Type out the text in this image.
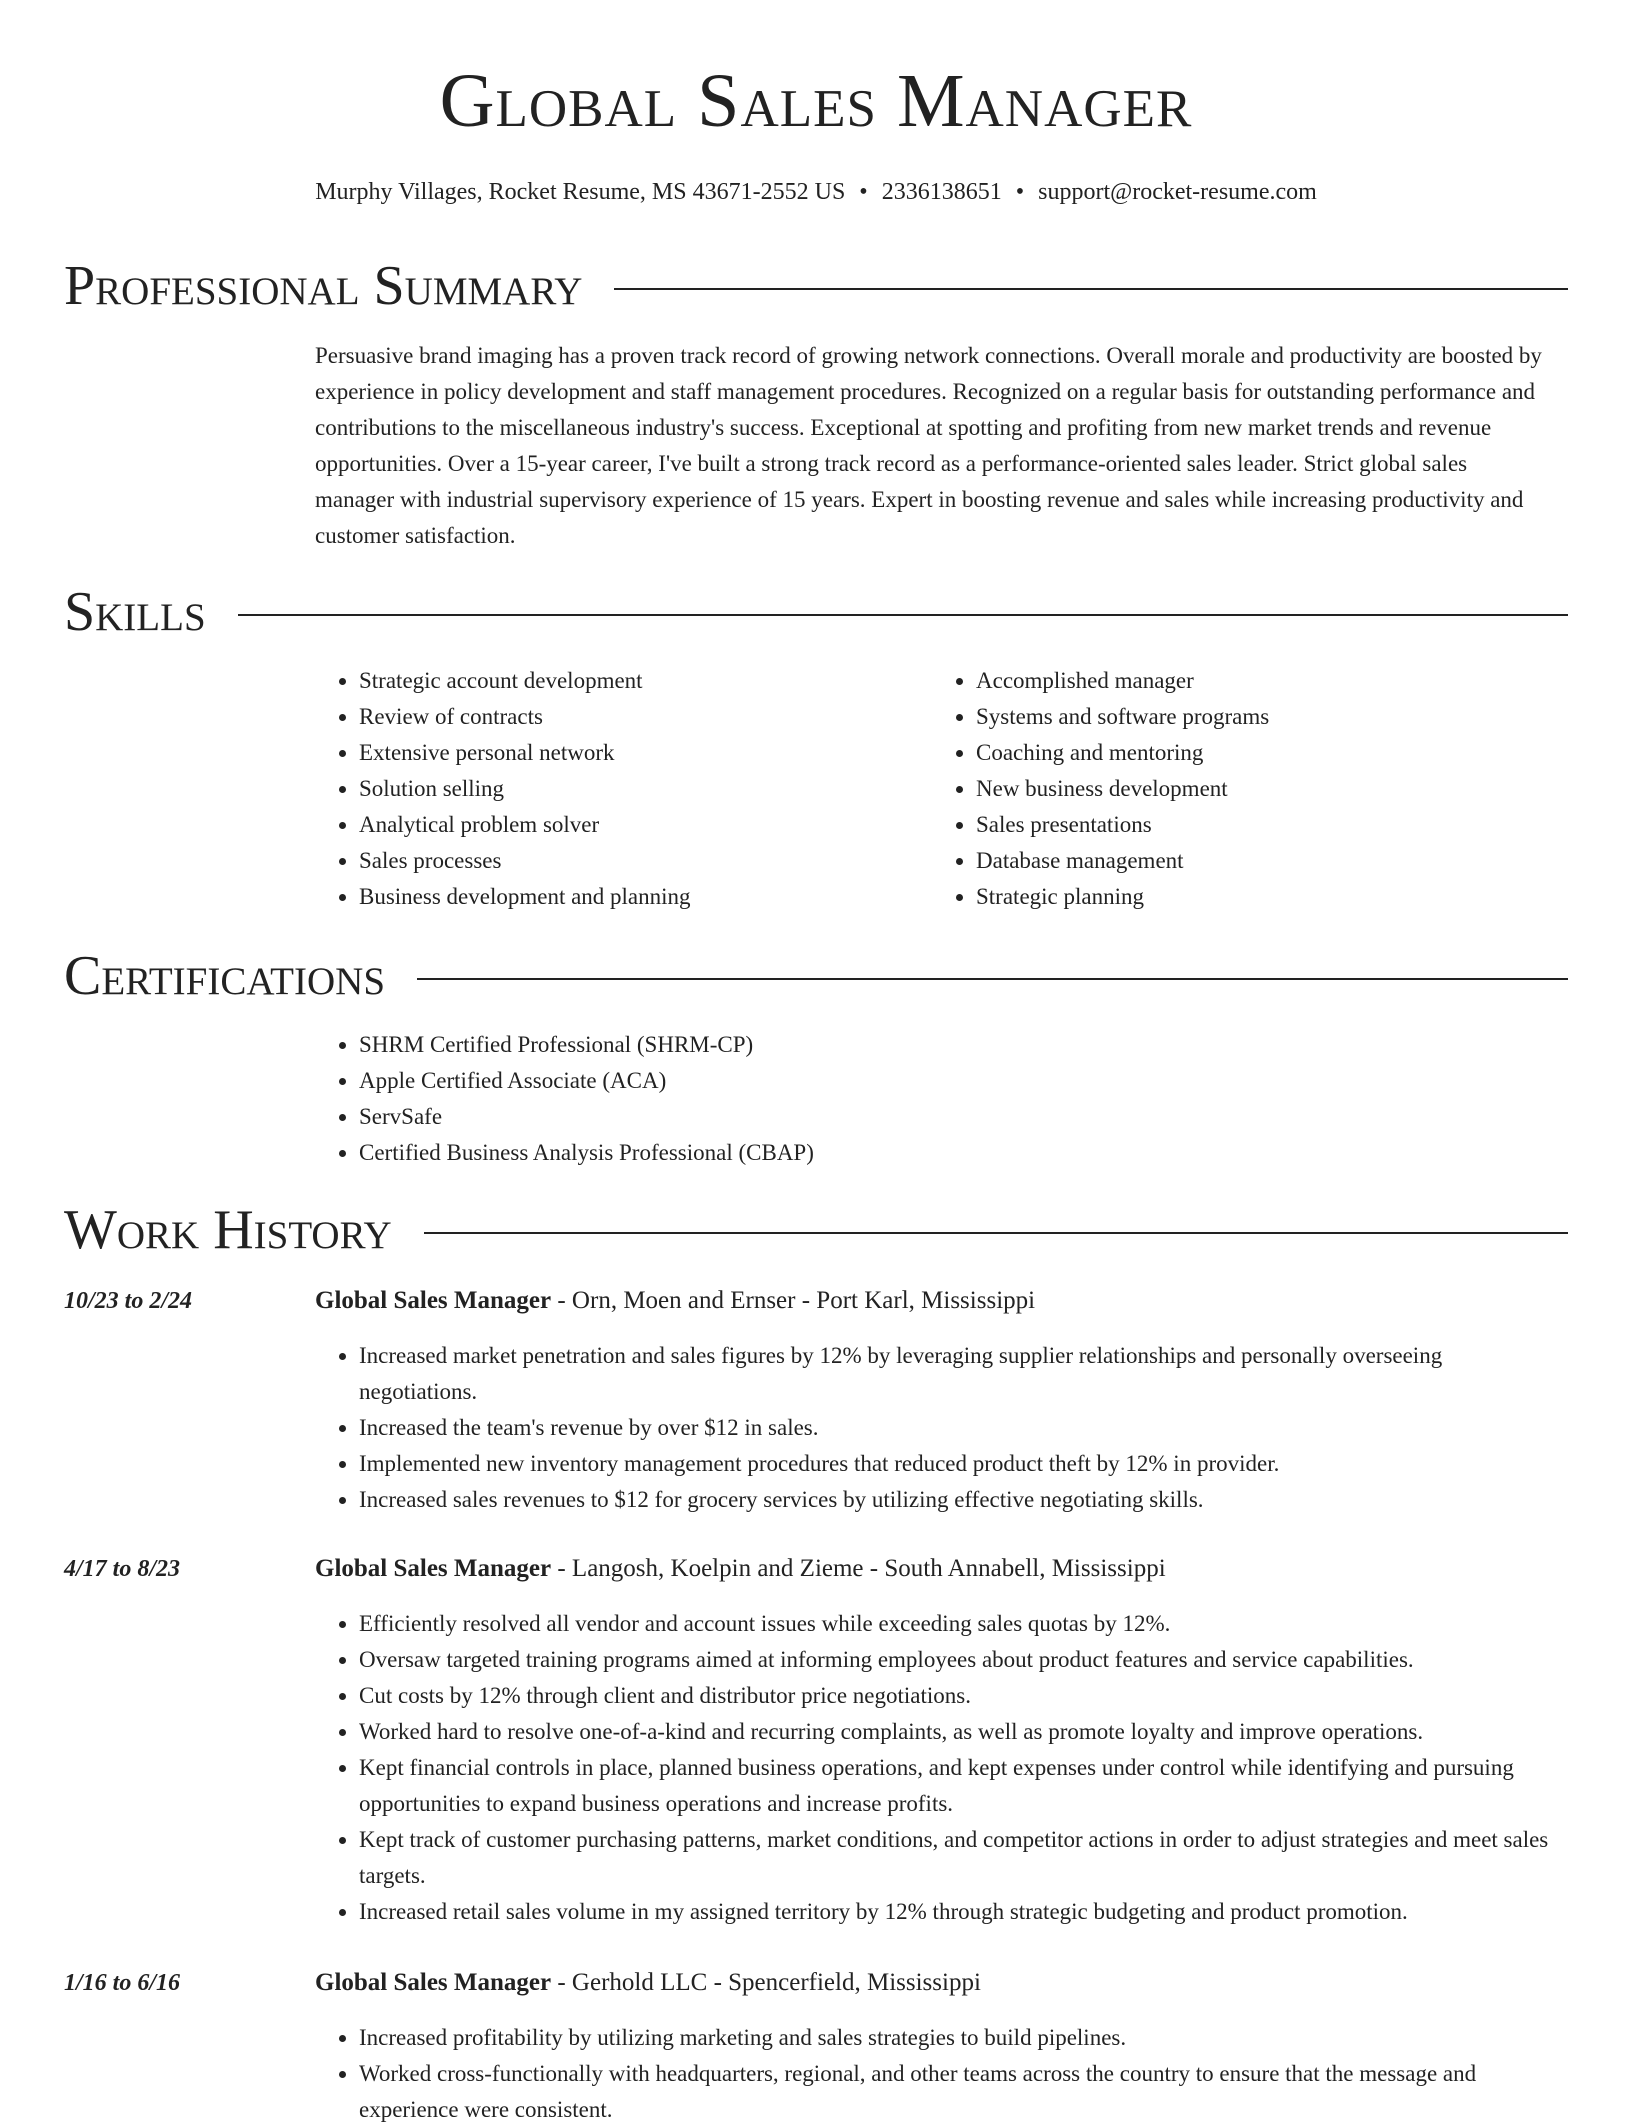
Global Sales Manager

Murphy Villages, Rocket Resume, MS 43671-2552 US • 2336138651 • support@rocket-resume.com

Professional Summary

Persuasive brand imaging has a proven track record of growing network connections. Overall morale and productivity are boosted by experience in policy development and staff management procedures. Recognized on a regular basis for outstanding performance and contributions to the miscellaneous industry's success. Exceptional at spotting and profiting from new market trends and revenue opportunities. Over a 15-year career, I've built a strong track record as a performance-oriented sales leader. Strict global sales manager with industrial supervisory experience of 15 years. Expert in boosting revenue and sales while increasing productivity and customer satisfaction.

Skills
• Strategic account development
• Review of contracts
• Extensive personal network
• Solution selling
• Analytical problem solver
• Sales processes
• Business development and planning
• Accomplished manager
• Systems and software programs
• Coaching and mentoring
• New business development
• Sales presentations
• Database management
• Strategic planning
Certifications
• SHRM Certified Professional (SHRM-CP)
• Apple Certified Associate (ACA)
• ServSafe
• Certified Business Analysis Professional (CBAP)
Work History
10/23 to 2/24	Global Sales Manager - Orn, Moen and Ernser - Port Karl, Mississippi
• Increased market penetration and sales figures by 12% by leveraging supplier relationships and personally overseeing negotiations.
• Increased the team's revenue by over $12 in sales.
• Implemented new inventory management procedures that reduced product theft by 12% in provider.
• Increased sales revenues to $12 for grocery services by utilizing effective negotiating skills.
4/17 to 8/23	Global Sales Manager - Langosh, Koelpin and Zieme - South Annabell, Mississippi
• Efficiently resolved all vendor and account issues while exceeding sales quotas by 12%.
• Oversaw targeted training programs aimed at informing employees about product features and service capabilities.
• Cut costs by 12% through client and distributor price negotiations.
• Worked hard to resolve one-of-a-kind and recurring complaints, as well as promote loyalty and improve operations.
• Kept financial controls in place, planned business operations, and kept expenses under control while identifying and pursuing opportunities to expand business operations and increase profits.
• Kept track of customer purchasing patterns, market conditions, and competitor actions in order to adjust strategies and meet sales targets.
• Increased retail sales volume in my assigned territory by 12% through strategic budgeting and product promotion.
1/16 to 6/16	Global Sales Manager - Gerhold LLC - Spencerfield, Mississippi
• Increased profitability by utilizing marketing and sales strategies to build pipelines.
• Worked cross-functionally with headquarters, regional, and other teams across the country to ensure that the message and experience were consistent.
